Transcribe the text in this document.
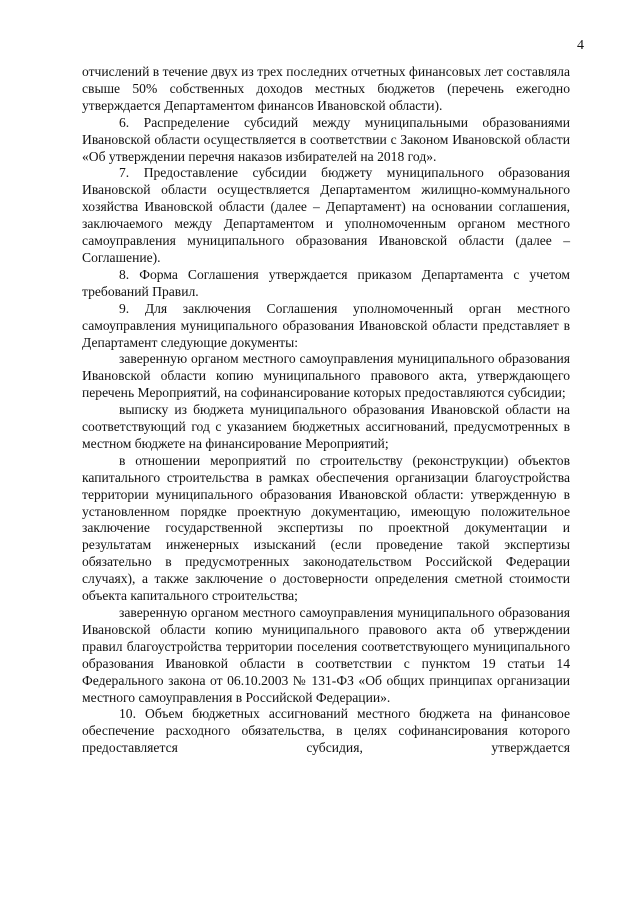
4

отчислений в течение двух из трех последних отчетных финансовых лет составляла свыше 50% собственных доходов местных бюджетов (перечень ежегодно утверждается Департаментом финансов Ивановской области).

6. Распределение субсидий между муниципальными образованиями Ивановской области осуществляется в соответствии с Законом Ивановской области «Об утверждении перечня наказов избирателей на 2018 год».

7. Предоставление субсидии бюджету муниципального образования Ивановской области осуществляется Департаментом жилищно-коммунального хозяйства Ивановской области (далее – Департамент) на основании соглашения, заключаемого между Департаментом и уполномоченным органом местного самоуправления муниципального образования Ивановской области (далее – Соглашение).

8. Форма Соглашения утверждается приказом Департамента с учетом требований Правил.

9. Для заключения Соглашения уполномоченный орган местного самоуправления муниципального образования Ивановской области представляет в Департамент следующие документы:

заверенную органом местного самоуправления муниципального образования Ивановской области копию муниципального правового акта, утверждающего перечень Мероприятий, на софинансирование которых предоставляются субсидии;

выписку из бюджета муниципального образования Ивановской области на соответствующий год с указанием бюджетных ассигнований, предусмотренных в местном бюджете на финансирование Мероприятий;

в отношении мероприятий по строительству (реконструкции) объектов капитального строительства в рамках обеспечения организации благоустройства территории муниципального образования Ивановской области: утвержденную в установленном порядке проектную документацию, имеющую положительное заключение государственной экспертизы по проектной документации и результатам инженерных изысканий (если проведение такой экспертизы обязательно в предусмотренных законодательством Российской Федерации случаях), а также заключение о достоверности определения сметной стоимости объекта капитального строительства;

заверенную органом местного самоуправления муниципального образования Ивановской области копию муниципального правового акта об утверждении правил благоустройства территории поселения соответствующего муниципального образования Ивановкой области в соответствии с пунктом 19 статьи 14 Федерального закона от 06.10.2003 № 131-ФЗ «Об общих принципах организации местного самоуправления в Российской Федерации».

10. Объем бюджетных ассигнований местного бюджета на финансовое обеспечение расходного обязательства, в целях софинансирования которого предоставляется субсидия, утверждается
